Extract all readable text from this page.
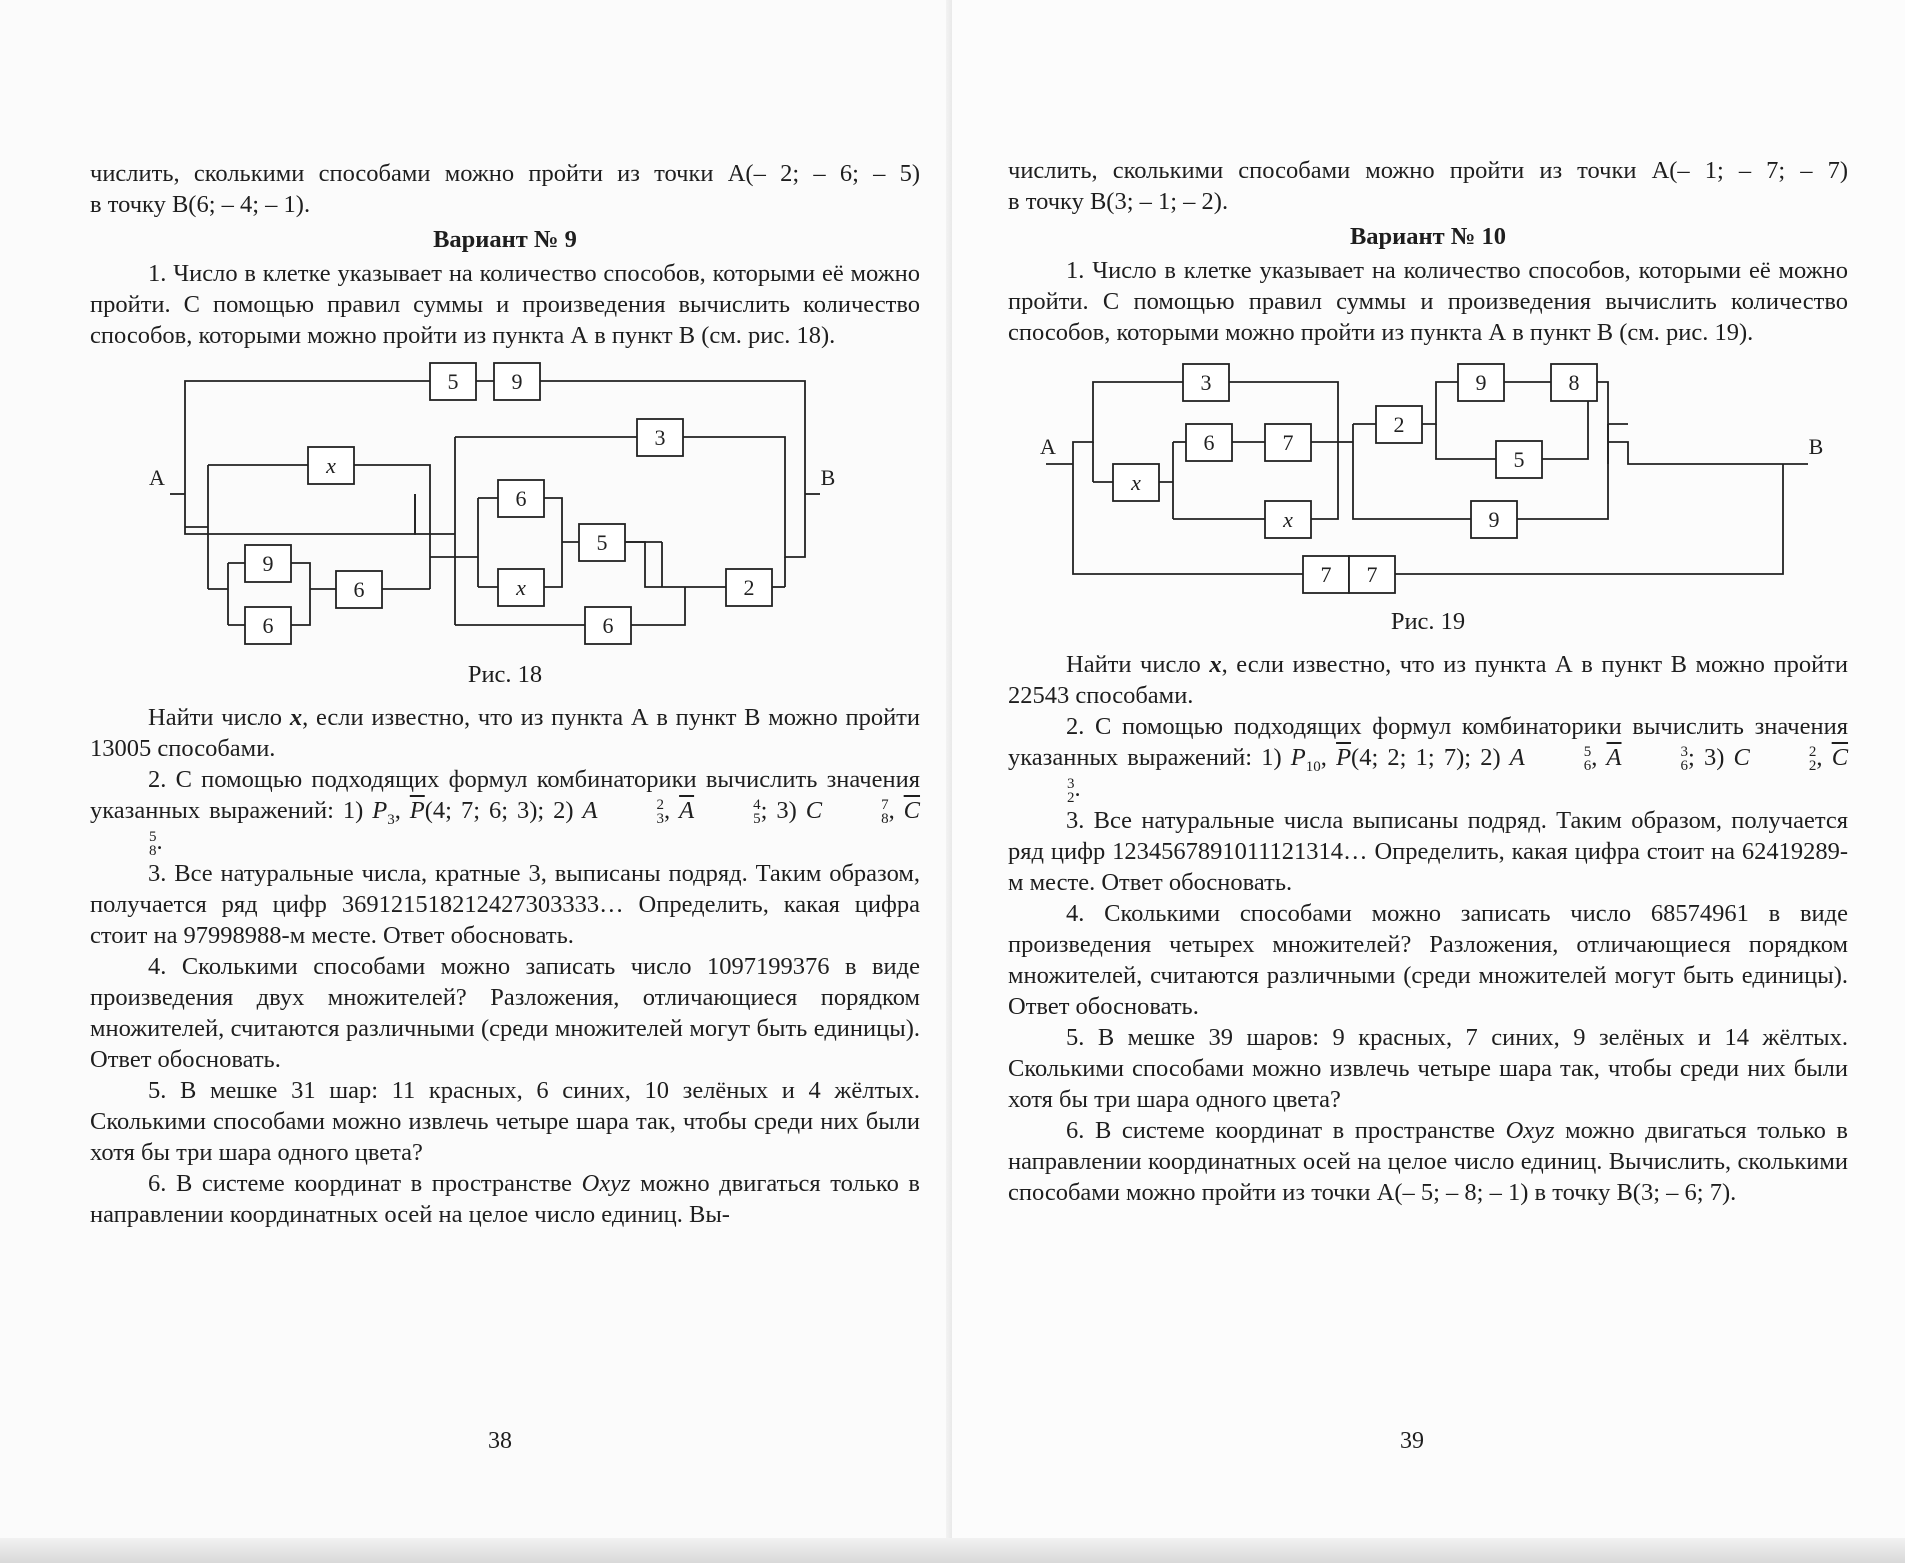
числить, сколькими способами можно пройти из точки A(– 2; – 6; – 5)

в точку B(6; – 4; – 1).

Вариант № 9

1. Число в клетке указывает на количество способов, которыми её можно пройти. С помощью правил суммы и произведения вычислить количество способов, которыми можно пройти из пункта А в пункт В (см. рис. 18).

A	B
5 9
3
x
6
9
5
6	x	2
6	6

Рис. 18

Найти число x, если известно, что из пункта А в пункт В можно пройти 13005 способами.

2. С помощью подходящих формул комбинаторики вычислить значения указанных выражений: 1) $P_3$, $\overline{P}(4$; 7; 6; 3); 2) A	2
3 , $\overline{A}$	4
5 ; 3) C	7
8 , $\overline{C}$
5
8 .

3. Все натуральные числа, кратные 3, выписаны подряд. Таким образом, получается ряд цифр 369121518212427303333… Определить, какая цифра стоит на 97998988-м месте. Ответ обосновать.

4. Сколькими способами можно записать число 1097199376 в виде произведения двух множителей? Разложения, отличающиеся порядком множителей, считаются различными (среди множителей могут быть единицы). Ответ обосновать.

5. В мешке 31 шар: 11 красных, 6 синих, 10 зелёных и 4 жёлтых. Сколькими способами можно извлечь четыре шара так, чтобы среди них были хотя бы три шара одного цвета?

6. В системе координат в пространстве Oxyz можно двигаться только в направлении координатных осей на целое число единиц. Вы-

38

числить, сколькими способами можно пройти из точки A(– 1; – 7; – 7)

в точку B(3; – 1; – 2).

Вариант № 10

1. Число в клетке указывает на количество способов, которыми её можно пройти. С помощью правил суммы и произведения вычислить количество способов, которыми можно пройти из пункта А в пункт В (см. рис. 19).

A	B
3
6	7
x
x
2
9	8
5
9
7 7

Рис. 19

Найти число x, если известно, что из пункта А в пункт В можно пройти 22543 способами.

2. С помощью подходящих формул комбинаторики вычислить значения указанных выражений: 1) $P_{10}$, $\overline{P}(4$; 2; 1; 7); 2) A	5
6 , $\overline{A}$	3
6 ; 3) C	2
2 , $\overline{C}$
3
2 .

3. Все натуральные числа выписаны подряд. Таким образом, получается ряд цифр 1234567891011121314… Определить, какая цифра стоит на 62419289-м месте. Ответ обосновать.

4. Сколькими способами можно записать число 68574961 в виде произведения четырех множителей? Разложения, отличающиеся порядком множителей, считаются различными (среди множителей могут быть единицы). Ответ обосновать.

5. В мешке 39 шаров: 9 красных, 7 синих, 9 зелёных и 14 жёлтых. Сколькими способами можно извлечь четыре шара так, чтобы среди них были хотя бы три шара одного цвета?

6. В системе координат в пространстве Oxyz можно двигаться только в направлении координатных осей на целое число единиц. Вычислить, сколькими способами можно пройти из точки A(– 5; – 8; – 1) в точку B(3; – 6; 7).

39
